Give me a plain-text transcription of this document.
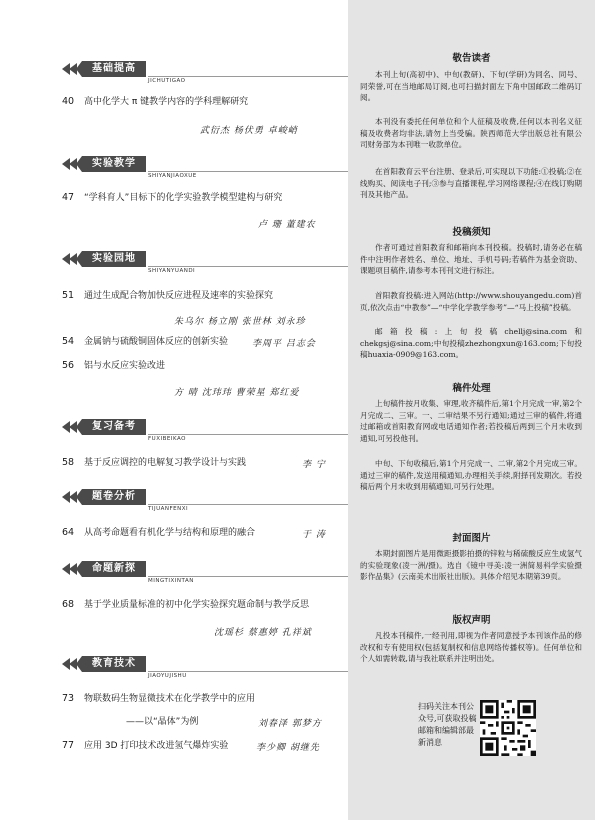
基础提高
JICHUTIGAO
40 高中化学大 π 键教学内容的学科理解研究
武衍杰 杨伏勇 卓峻峭
实验教学
SHIYANJIAOXUE
47 “学科育人”目标下的化学实验教学模型建构与研究
卢 珊 董建农
实验园地
SHIYANYUANDI
51 通过生成配合物加快反应进程及速率的实验探究
朱乌尔 杨立刚 张世林 刘永珍
54 金属钠与硫酸铜固体反应的创新实验	李周平 吕志会
56 铝与水反应实验改进
方 晴 沈玮玮 曹荣星 郑红爱
复习备考
FUXIBEIKAO
58 基于反应调控的电解复习教学设计与实践	李 宁
题卷分析
TIJUANFENXI
64 从高考命题看有机化学与结构和原理的融合	于 涛
命题新探
MINGTIXINTAN
68 基于学业质量标准的初中化学实验探究题命制与教学反思
沈瑶杉 蔡惠婷 孔祥斌
教育技术
JIAOYUJISHU
73 物联数码生物显微技术在化学教学中的应用
——以“晶体”为例	刘春泽 郭梦方
77 应用 3D 打印技术改进氢气爆炸实验	李少卿 胡继先
敬告读者
本刊上旬(高初中)、中旬(教研)、下旬(学研)为同名、同号、同荣誉,可在当地邮局订阅,也可扫描封面左下角中国邮政二维码订阅。
本刊没有委托任何单位和个人征稿及收费,任何以本刊名义征稿及收费者均非法,请勿上当受骗。陕西师范大学出版总社有限公司财务部为本刊唯一收款单位。
在首阳教育云平台注册、登录后,可实现以下功能:①投稿;②在线购买、阅读电子刊;③参与直播课程,学习网络课程;④在线订购期刊及其他产品。
投稿须知
作者可通过首阳教育和邮箱向本刊投稿。投稿时,请务必在稿件中注明作者姓名、单位、地址、手机号码;若稿件为基金资助、课题项目稿件,请参考本刊刊文进行标注。
首阳教育投稿:进入网站(http://www.shouyangedu.com)首页,依次点击“中教参”—“中学化学教学参考”—“马上投稿”投稿。
邮箱投稿:上旬投稿chellj@sina.com和chekgsj@sina.com;中旬投稿zhezhongxun@163.com;下旬投稿huaxia-0909@163.com。
稿件处理
上旬稿件按月收集、审理,收齐稿件后,第1个月完成一审,第2个月完成二、三审。一、二审结果不另行通知;通过三审的稿件,将通过邮箱或首阳教育网或电话通知作者;若投稿后两到三个月未收到通知,可另投他刊。
中旬、下旬收稿后,第1个月完成一、二审,第2个月完成三审。通过三审的稿件,发送用稿通知,办理相关手续,附择刊发期次。若投稿后两个月未收到用稿通知,可另行处理。
封面图片
本期封面图片是用微距摄影拍摄的锌粒与稀硫酸反应生成氢气的实验现象(凌一洲/摄)。选自《镜中寻美:凌一洲简易科学实验摄影作品集》(云南美术出版社出版)。具体介绍见本期第39页。
版权声明
凡投本刊稿件,一经刊用,即视为作者同意授予本刊该作品的修改权和专有使用权(包括复制权和信息网络传播权等)。任何单位和个人如需转载,请与我社联系并注明出处。
扫码关注本刊公众号,可获取投稿邮箱和编辑部最新消息
